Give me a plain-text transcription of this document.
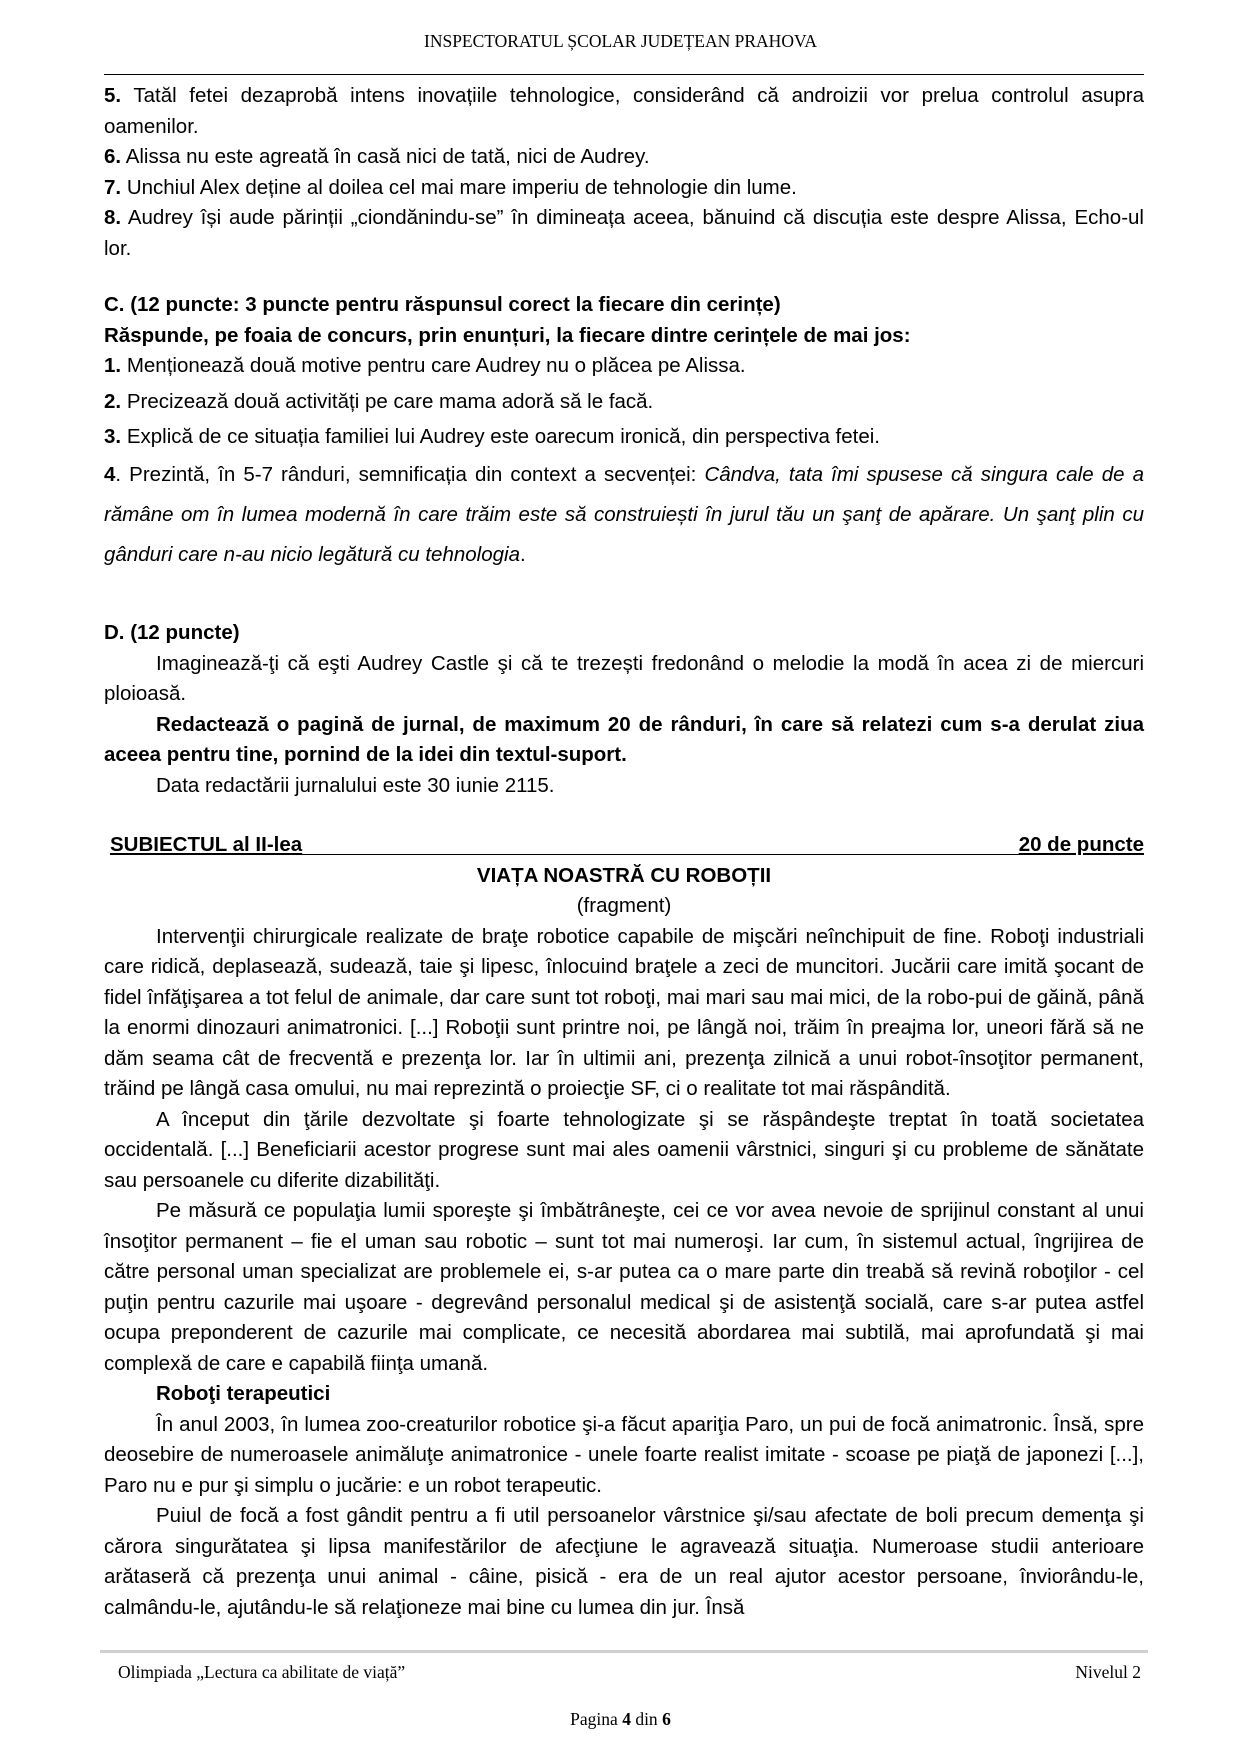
INSPECTORATUL ȘCOLAR JUDEȚEAN PRAHOVA

5. Tatăl fetei dezaprobă intens inovațiile tehnologice, considerând că androizii vor prelua controlul asupra oamenilor.

6. Alissa nu este agreată în casă nici de tată, nici de Audrey.

7. Unchiul Alex deține al doilea cel mai mare imperiu de tehnologie din lume.

8. Audrey își aude părinții „ciondănindu-se” în dimineața aceea, bănuind că discuția este despre Alissa, Echo-ul lor.

C. (12 puncte: 3 puncte pentru răspunsul corect la fiecare din cerințe)

Răspunde, pe foaia de concurs, prin enunțuri, la fiecare dintre cerințele de mai jos:

1. Menționează două motive pentru care Audrey nu o plăcea pe Alissa.

2. Precizează două activități pe care mama adoră să le facă.

3. Explică de ce situația familiei lui Audrey este oarecum ironică, din perspectiva fetei.

4. Prezintă, în 5-7 rânduri, semnificația din context a secvenței: Cândva, tata îmi spusese că singura cale de a rămâne om în lumea modernă în care trăim este să construiești în jurul tău un şanţ de apărare. Un şanţ plin cu gânduri care n-au nicio legătură cu tehnologia.

D. (12 puncte)

Imaginează-ţi că eşti Audrey Castle şi că te trezești fredonând o melodie la modă în acea zi de miercuri ploioasă.

Redactează o pagină de jurnal, de maximum 20 de rânduri, în care să relatezi cum s-a derulat ziua aceea pentru tine, pornind de la idei din textul-suport.

Data redactării jurnalului este 30 iunie 2115.

SUBIECTUL al II-lea	20 de puncte

VIAȚA NOASTRĂ CU ROBOȚII

(fragment)

Intervenţii chirurgicale realizate de braţe robotice capabile de mişcări neînchipuit de fine. Roboţi industriali care ridică, deplasează, sudează, taie şi lipesc, înlocuind braţele a zeci de muncitori. Jucării care imită şocant de fidel înfăţişarea a tot felul de animale, dar care sunt tot roboţi, mai mari sau mai mici, de la robo-pui de găină, până la enormi dinozauri animatronici. [...] Roboţii sunt printre noi, pe lângă noi, trăim în preajma lor, uneori fără să ne dăm seama cât de frecventă e prezenţa lor. Iar în ultimii ani, prezenţa zilnică a unui robot-însoţitor permanent, trăind pe lângă casa omului, nu mai reprezintă o proiecţie SF, ci o realitate tot mai răspândită.

A început din ţările dezvoltate şi foarte tehnologizate şi se răspândeşte treptat în toată societatea occidentală. [...] Beneficiarii acestor progrese sunt mai ales oamenii vârstnici, singuri şi cu probleme de sănătate sau persoanele cu diferite dizabilităţi.

Pe măsură ce populaţia lumii sporeşte şi îmbătrâneşte, cei ce vor avea nevoie de sprijinul constant al unui însoţitor permanent – fie el uman sau robotic – sunt tot mai numeroşi. Iar cum, în sistemul actual, îngrijirea de către personal uman specializat are problemele ei, s-ar putea ca o mare parte din treabă să revină roboţilor - cel puţin pentru cazurile mai uşoare - degrevând personalul medical şi de asistenţă socială, care s-ar putea astfel ocupa preponderent de cazurile mai complicate, ce necesită abordarea mai subtilă, mai aprofundată şi mai complexă de care e capabilă fiinţa umană.

Roboţi terapeutici

În anul 2003, în lumea zoo-creaturilor robotice şi-a făcut apariţia Paro, un pui de focă animatronic. Însă, spre deosebire de numeroasele animăluţe animatronice - unele foarte realist imitate - scoase pe piaţă de japonezi [...], Paro nu e pur şi simplu o jucărie: e un robot terapeutic.

Puiul de focă a fost gândit pentru a fi util persoanelor vârstnice şi/sau afectate de boli precum demenţa şi cărora singurătatea şi lipsa manifestărilor de afecţiune le agravează situaţia. Numeroase studii anterioare arătaseră că prezenţa unui animal - câine, pisică - era de un real ajutor acestor persoane, înviorându-le, calmându-le, ajutându-le să relaţioneze mai bine cu lumea din jur. Însă

Olimpiada „Lectura ca abilitate de viață”	Nivelul 2
Pagina 4 din 6
